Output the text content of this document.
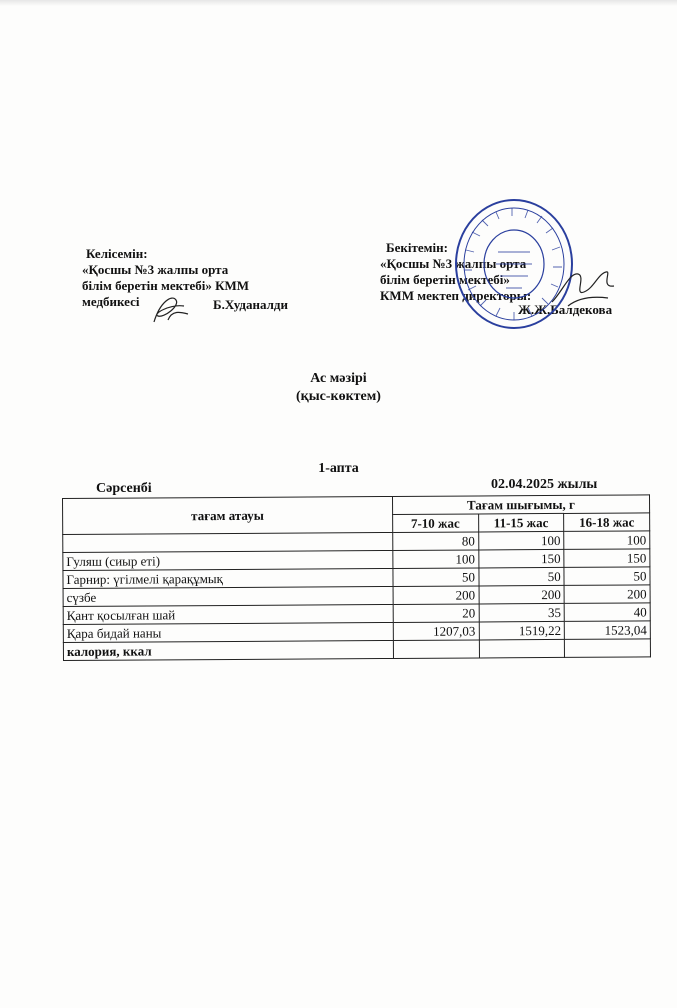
Келісемін:
«Қосшы №3 жалпы орта
білім беретін мектебі» КММ
медбикесі	Б.Худаналди
Бекітемін:
«Қосшы №3 жалпы орта
білім беретін мектебі»
КММ мектеп директоры:
Ж.Ж.Балдекова
Ас мәзірі
(қыс-көктем)
1-апта
Сәрсенбі	02.04.2025 жылы
тағам атауы	Тағам шығымы, г		
	7-10 жас	11-15 жас	16-18 жас
	80	100	100
Гуляш (сиыр еті)	100	150	150
Гарнир: үгілмелі қарақұмық	50	50	50
сүзбе	200	200	200
Қант қосылған шай	20	35	40
Қара бидай наны	1207,03	1519,22	1523,04
калория, ккал			
